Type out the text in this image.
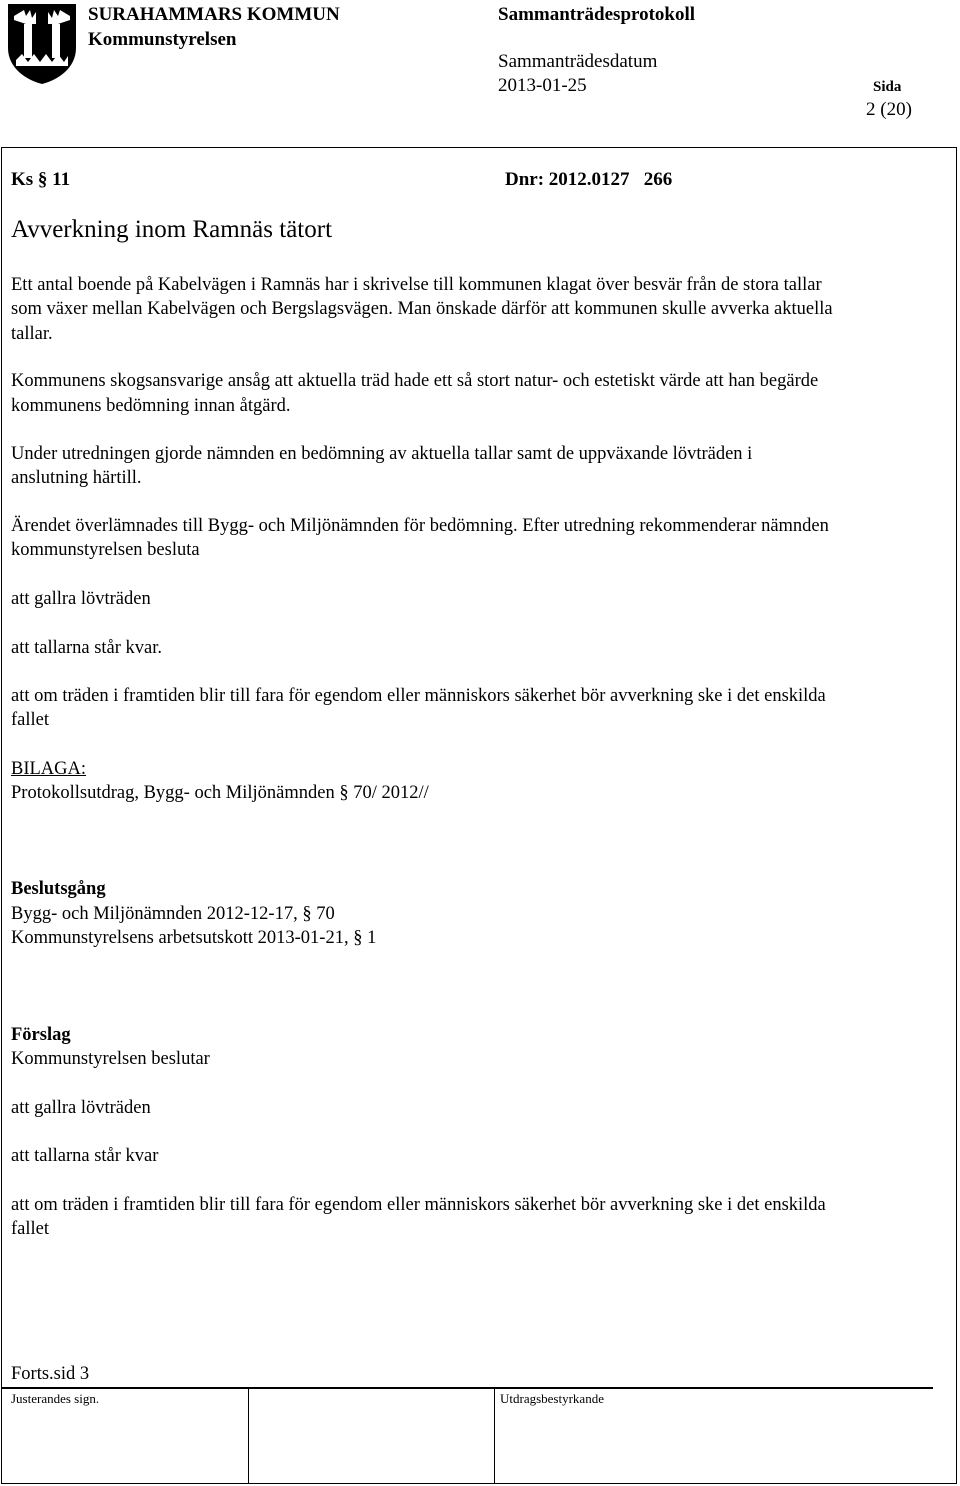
SURAHAMMARS KOMMUN
Kommunstyrelsen
Sammanträdesprotokoll
Sammanträdesdatum
2013-01-25	Sida
2 (20)
Ks § 11	Dnr: 2012.0127   266
Avverkning inom Ramnäs tätort
Ett antal boende på Kabelvägen i Ramnäs har i skrivelse till kommunen klagat över besvär från de stora tallar
som växer mellan Kabelvägen och Bergslagsvägen. Man önskade därför att kommunen skulle avverka aktuella
tallar.
Kommunens skogsansvarige ansåg att aktuella träd hade ett så stort natur- och estetiskt värde att han begärde
kommunens bedömning innan åtgärd.
Under utredningen gjorde nämnden en bedömning av aktuella tallar samt de uppväxande lövträden i
anslutning härtill.
Ärendet överlämnades till Bygg- och Miljönämnden för bedömning. Efter utredning rekommenderar nämnden
kommunstyrelsen besluta
att gallra lövträden
att tallarna står kvar.
att om träden i framtiden blir till fara för egendom eller människors säkerhet bör avverkning ske i det enskilda
fallet
BILAGA:
Protokollsutdrag, Bygg- och Miljönämnden § 70/ 2012//
Beslutsgång
Bygg- och Miljönämnden 2012-12-17, § 70
Kommunstyrelsens arbetsutskott 2013-01-21, § 1
Förslag
Kommunstyrelsen beslutar
att gallra lövträden
att tallarna står kvar
att om träden i framtiden blir till fara för egendom eller människors säkerhet bör avverkning ske i det enskilda
fallet
Forts.sid 3
Justerandes sign.	Utdragsbestyrkande
